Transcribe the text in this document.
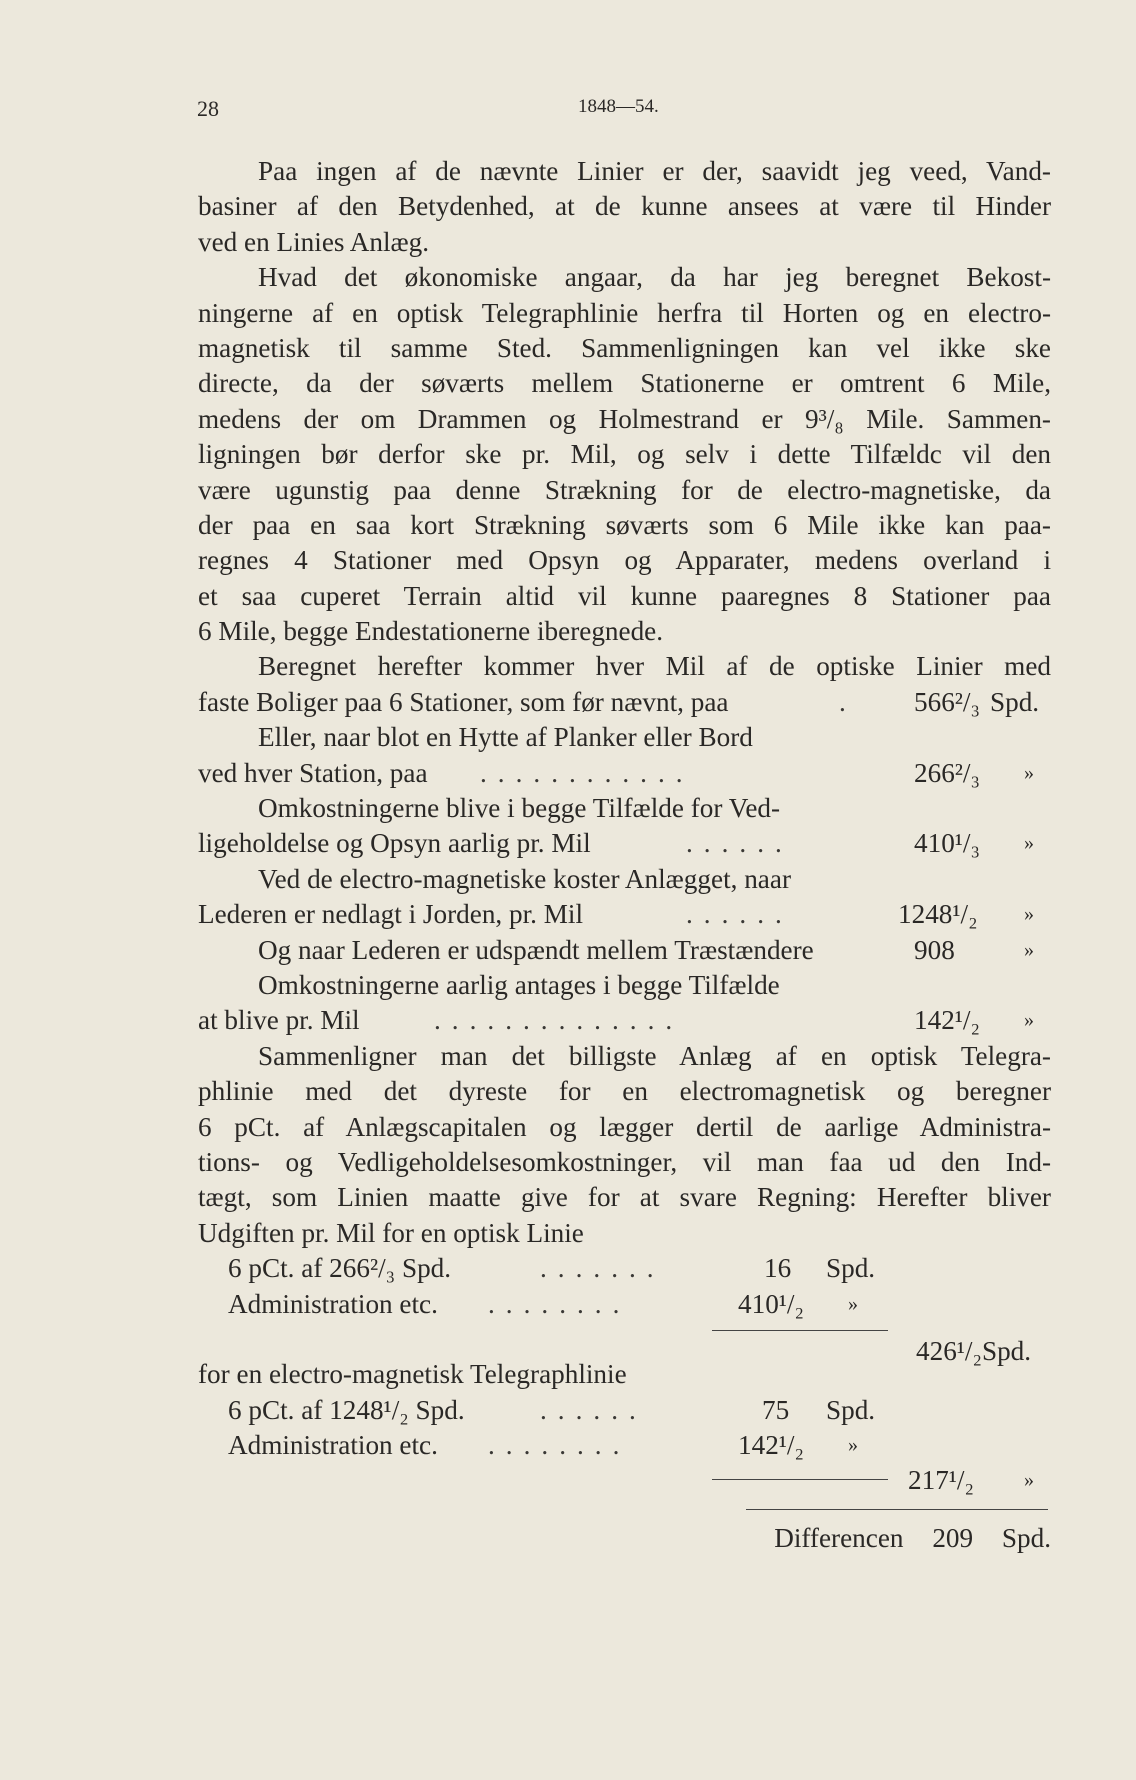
28	1848—54.
Paa ingen af de nævnte Linier er der, saavidt jeg veed, Vand-
basiner af den Betydenhed, at de kunne ansees at være til Hinder
ved en Linies Anlæg.
Hvad det økonomiske angaar, da har jeg beregnet Bekost-
ningerne af en optisk Telegraphlinie herfra til Horten og en electro-
magnetisk til samme Sted. Sammenligningen kan vel ikke ske
directe, da der søværts mellem Stationerne er omtrent 6 Mile,
medens der om Drammen og Holmestrand er 9³/₈ Mile. Sammen-
ligningen bør derfor ske pr. Mil, og selv i dette Tilfældc vil den
være ugunstig paa denne Strækning for de electro-magnetiske, da
der paa en saa kort Strækning søværts som 6 Mile ikke kan paa-
regnes 4 Stationer med Opsyn og Apparater, medens overland i
et saa cuperet Terrain altid vil kunne paaregnes 8 Stationer paa
6 Mile, begge Endestationerne iberegnede.
Beregnet herefter kommer hver Mil af de optiske Linier med
faste Boliger paa 6 Stationer, som før nævnt, paa	. 566²/₃ Spd.
Eller, naar blot en Hytte af Planker eller Bord
ved hver Station, paa ............	266²/₃ »
Omkostningerne blive i begge Tilfælde for Ved-
ligeholdelse og Opsyn aarlig pr. Mil	......	410¹/₃ »
Ved de electro-magnetiske koster Anlægget, naar
Lederen er nedlagt i Jorden, pr. Mil	......	1248¹/₂ »
Og naar Lederen er udspændt mellem Træstændere	908	»
Omkostningerne aarlig antages i begge Tilfælde
at blive pr. Mil	..............	142¹/₂ »
Sammenligner man det billigste Anlæg af en optisk Telegra-
phlinie med det dyreste for en electromagnetisk og beregner
6 pCt. af Anlægscapitalen og lægger dertil de aarlige Administra-
tions- og Vedligeholdelsesomkostninger, vil man faa ud den Ind-
tægt, som Linien maatte give for at svare Regning: Herefter bliver
Udgiften pr. Mil for en optisk Linie
6 pCt. af 266²/₃ Spd.	.......	16 Spd.
Administration etc. ........	410¹/₂ »
426¹/₂Spd.
for en electro-magnetisk Telegraphlinie
6 pCt. af 1248¹/₂ Spd.	......	75 Spd.
Administration etc. ........	142¹/₂ »
217¹/₂	»
Differencen 209 Spd.
